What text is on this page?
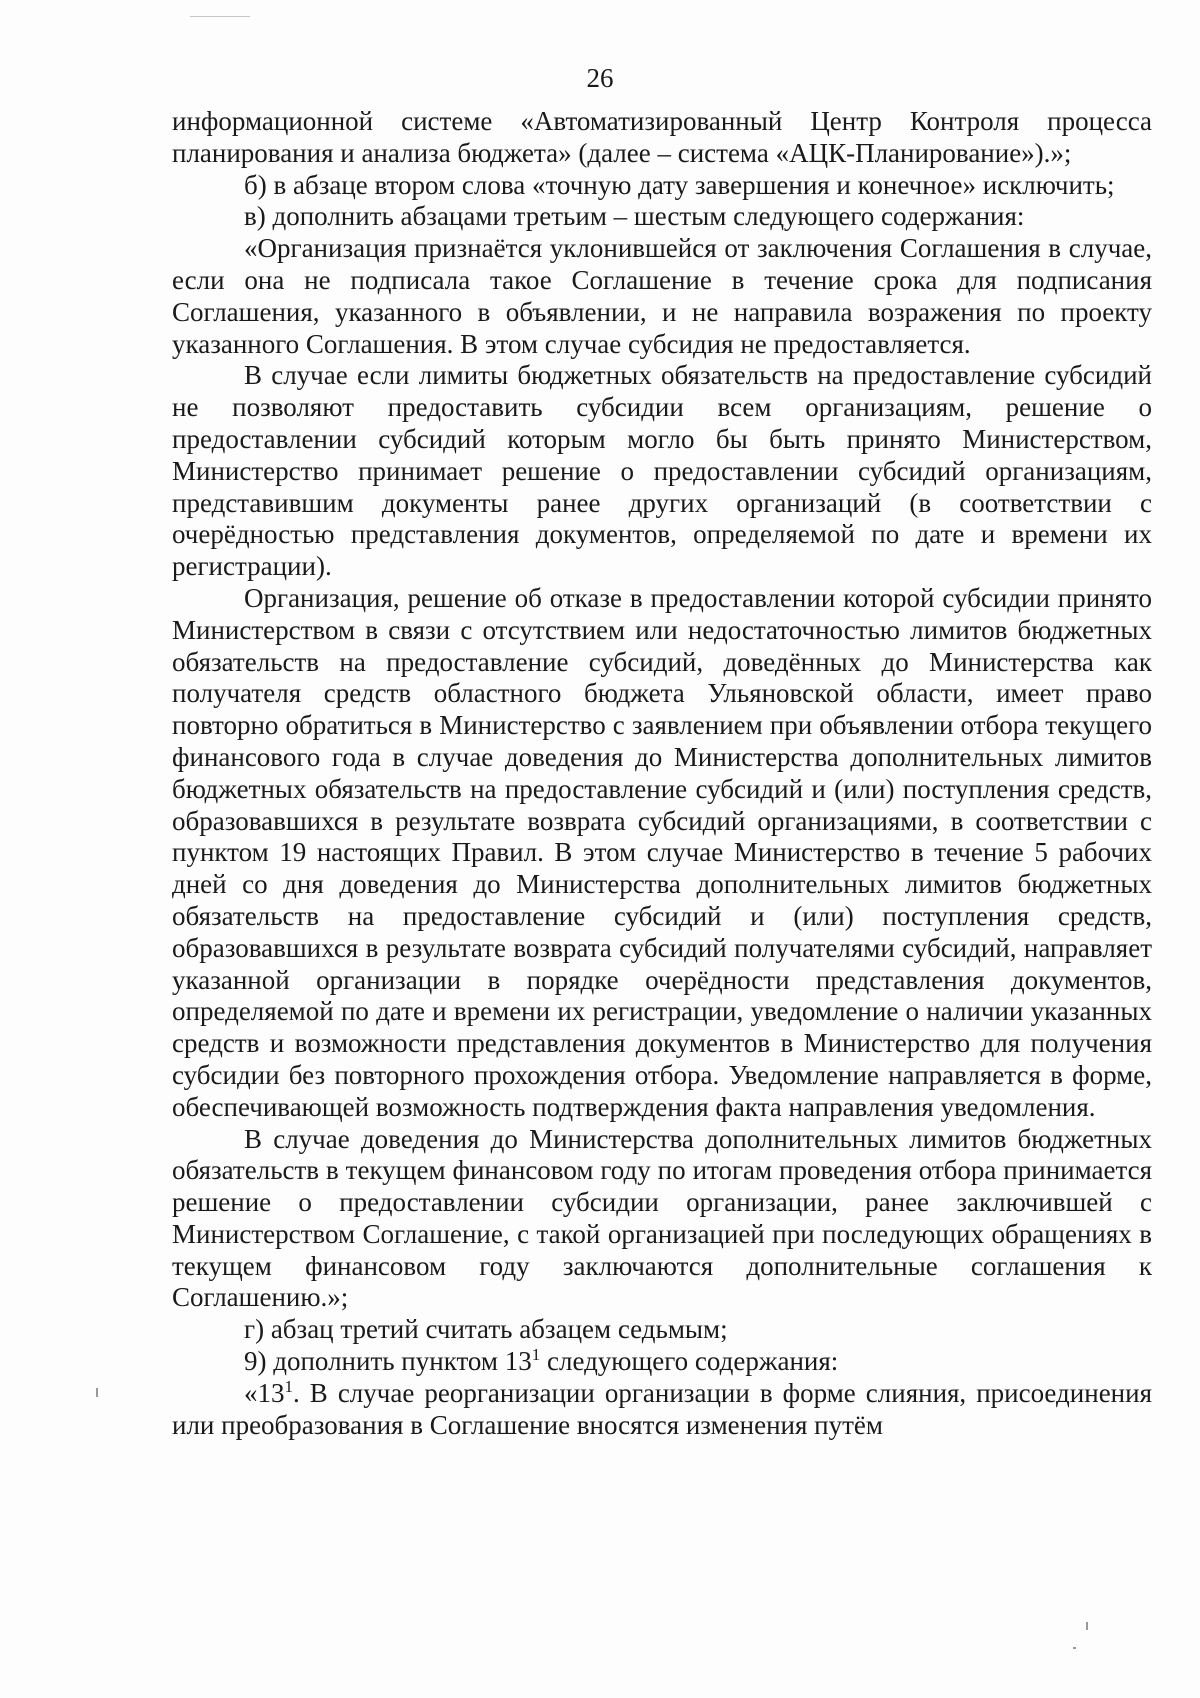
26

информационной системе «Автоматизированный Центр Контроля процесса планирования и анализа бюджета» (далее – система «АЦК-Планирование»).»;

б) в абзаце втором слова «точную дату завершения и конечное» исключить;

в) дополнить абзацами третьим – шестым следующего содержания:

«Организация признаётся уклонившейся от заключения Соглашения в случае, если она не подписала такое Соглашение в течение срока для подписания Соглашения, указанного в объявлении, и не направила возражения по проекту указанного Соглашения. В этом случае субсидия не предоставляется.

В случае если лимиты бюджетных обязательств на предоставление субсидий не позволяют предоставить субсидии всем организациям, решение о предоставлении субсидий которым могло бы быть принято Министерством, Министерство принимает решение о предоставлении субсидий организациям, представившим документы ранее других организаций (в соответствии с очерёдностью представления документов, определяемой по дате и времени их регистрации).

Организация, решение об отказе в предоставлении которой субсидии принято Министерством в связи с отсутствием или недостаточностью лимитов бюджетных обязательств на предоставление субсидий, доведённых до Министерства как получателя средств областного бюджета Ульяновской области, имеет право повторно обратиться в Министерство с заявлением при объявлении отбора текущего финансового года в случае доведения до Министерства дополнительных лимитов бюджетных обязательств на предоставление субсидий и (или) поступления средств, образовавшихся в результате возврата субсидий организациями, в соответствии с пунктом 19 настоящих Правил. В этом случае Министерство в течение 5 рабочих дней со дня доведения до Министерства дополнительных лимитов бюджетных обязательств на предоставление субсидий и (или) поступления средств, образовавшихся в результате возврата субсидий получателями субсидий, направляет указанной организации в порядке очерёдности представления документов, определяемой по дате и времени их регистрации, уведомление о наличии указанных средств и возможности представления документов в Министерство для получения субсидии без повторного прохождения отбора. Уведомление направляется в форме, обеспечивающей возможность подтверждения факта направления уведомления.

В случае доведения до Министерства дополнительных лимитов бюджетных обязательств в текущем финансовом году по итогам проведения отбора принимается решение о предоставлении субсидии организации, ранее заключившей с Министерством Соглашение, с такой организацией при последующих обращениях в текущем финансовом году заключаются дополнительные соглашения к Соглашению.»;

г) абзац третий считать абзацем седьмым;

9) дополнить пунктом $13^1$ следующего содержания:

«$13^1$. В случае реорганизации организации в форме слияния, присоединения или преобразования в Соглашение вносятся изменения путём
